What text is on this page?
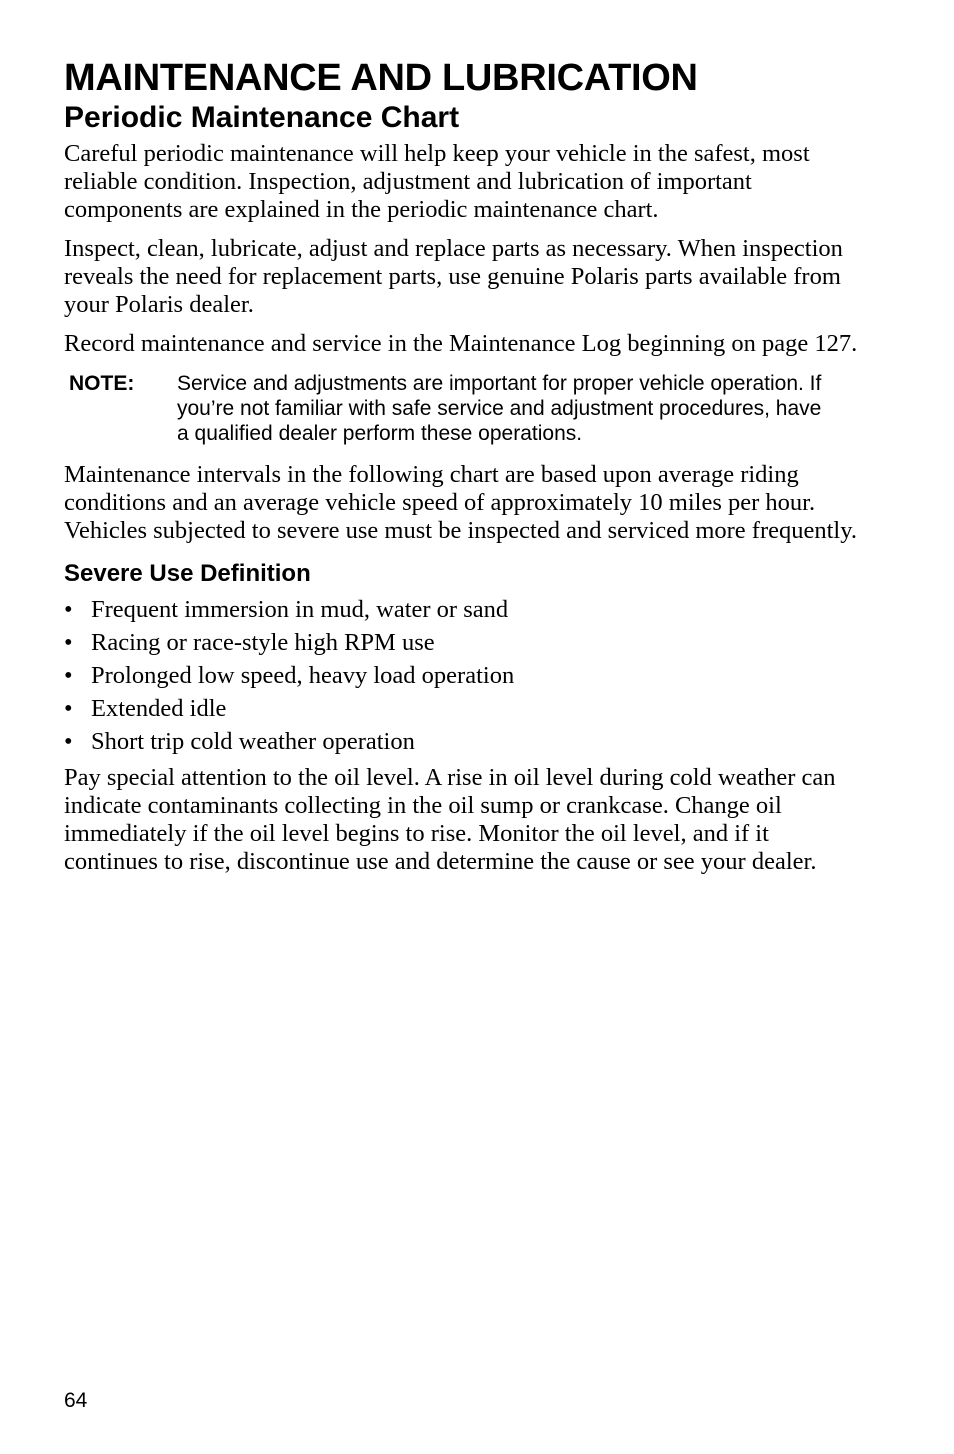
MAINTENANCE AND LUBRICATION
Periodic Maintenance Chart

Careful periodic maintenance will help keep your vehicle in the safest, most reliable condition. Inspection, adjustment and lubrication of important components are explained in the periodic maintenance chart.

Inspect, clean, lubricate, adjust and replace parts as necessary. When inspection reveals the need for replacement parts, use genuine Polaris parts available from your Polaris dealer.

Record maintenance and service in the Maintenance Log beginning on page 127.

NOTE:	Service and adjustments are important for proper vehicle operation. If you’re not familiar with safe service and adjustment procedures, have a qualified dealer perform these operations.

Maintenance intervals in the following chart are based upon average riding conditions and an average vehicle speed of approximately 10 miles per hour. Vehicles subjected to severe use must be inspected and serviced more frequently.

Severe Use Definition
• Frequent immersion in mud, water or sand
• Racing or race-style high RPM use
• Prolonged low speed, heavy load operation
• Extended idle
• Short trip cold weather operation

Pay special attention to the oil level. A rise in oil level during cold weather can indicate contaminants collecting in the oil sump or crankcase. Change oil immediately if the oil level begins to rise. Monitor the oil level, and if it continues to rise, discontinue use and determine the cause or see your dealer.

64
